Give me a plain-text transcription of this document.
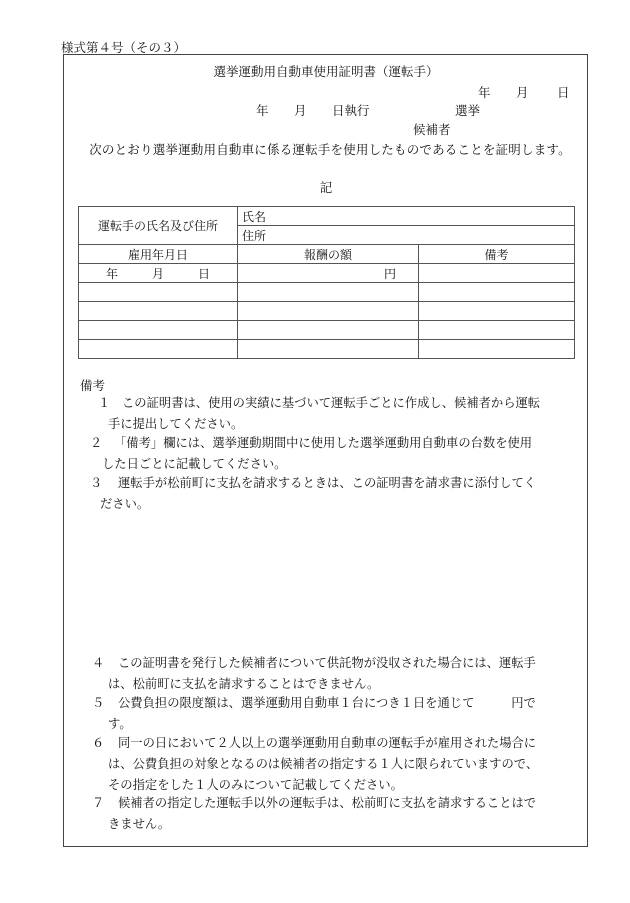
様式第４号（その３）
選挙運動用自動車使用証明書（運転手）
年 月 日
年 月 日執行	選挙
候補者
次のとおり選挙運動用自動車に係る運転手を使用したものであることを証明します。
記
運転手の氏名及び住所	氏名	
	住所	
雇用年月日	報酬の額	備考
年 月 日	円	

備考
１ この証明書は、使用の実績に基づいて運転手ごとに作成し、候補者から運転
手に提出してください。
２ 「備考」欄には、選挙運動期間中に使用した選挙運動用自動車の台数を使用
した日ごとに記載してください。
３ 運転手が松前町に支払を請求するときは、この証明書を請求書に添付してく
ださい。
４ この証明書を発行した候補者について供託物が没収された場合には、運転手
は、松前町に支払を請求することはできません。
５ 公費負担の限度額は、選挙運動用自動車１台につき１日を通じて　　　円で
す。
６ 同一の日において２人以上の選挙運動用自動車の運転手が雇用された場合に
は、公費負担の対象となるのは候補者の指定する１人に限られていますので、
その指定をした１人のみについて記載してください。
７ 候補者の指定した運転手以外の運転手は、松前町に支払を請求することはで
きません。
